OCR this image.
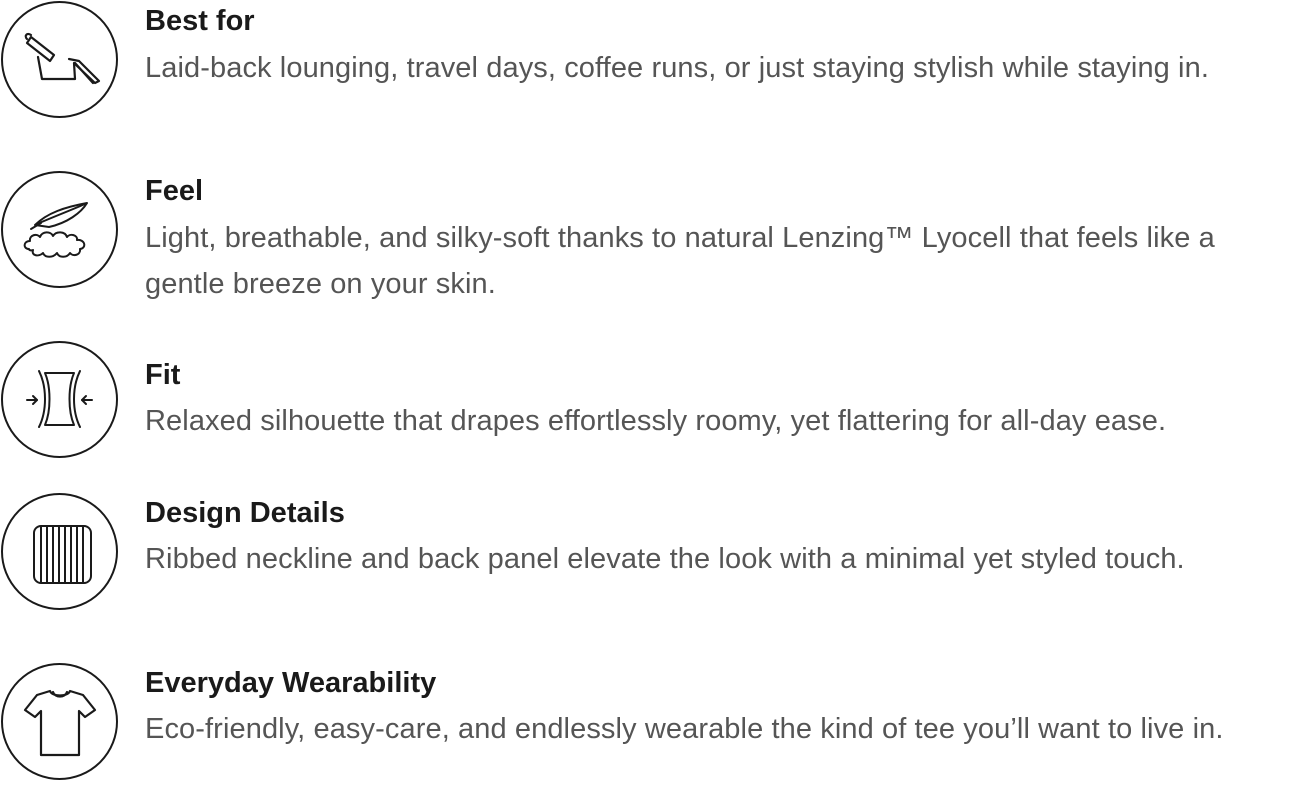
Best for

Laid-back lounging, travel days, coffee runs, or just staying stylish while staying in.

Feel

Light, breathable, and silky-soft thanks to natural Lenzing™ Lyocell that feels like a gentle breeze on your skin.

Fit

Relaxed silhouette that drapes effortlessly roomy, yet flattering for all-day ease.

Design Details

Ribbed neckline and back panel elevate the look with a minimal yet styled touch.

Everyday Wearability

Eco-friendly, easy-care, and endlessly wearable the kind of tee you’ll want to live in.
